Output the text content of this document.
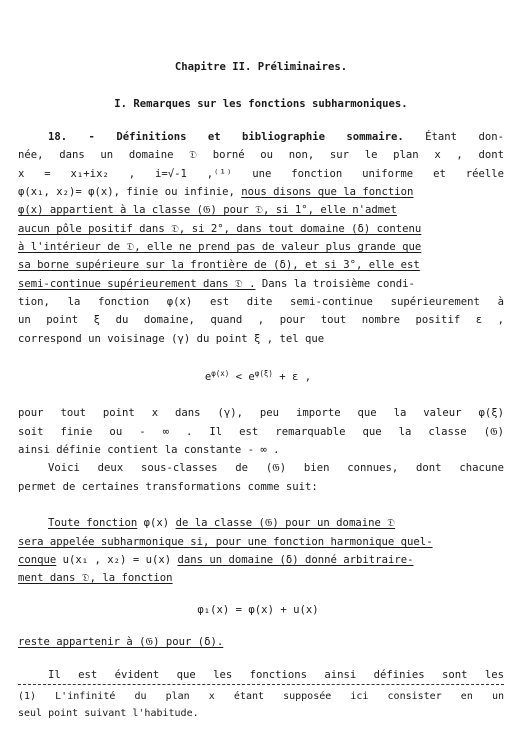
Chapitre II. Préliminaires.
I. Remarques sur les fonctions subharmoniques.
18. - Définitions et bibliographie sommaire. Étant don-
née, dans un domaine 𝔇 borné ou non, sur le plan x , dont
x = x₁+ix₂ , i=√-1 ,⁽¹⁾ une fonction uniforme et réelle
φ(x₁, x₂)= φ(x), finie ou infinie, nous disons que la fonction
φ(x) appartient à la classe (𝔊) pour 𝔇, si 1°, elle n'admet
aucun pôle positif dans 𝔇, si 2°, dans tout domaine (δ) contenu
à l'intérieur de 𝔇, elle ne prend pas de valeur plus grande que
sa borne supérieure sur la frontière de (δ), et si 3°, elle est
semi-continue supérieurement dans 𝔇 . Dans la troisième condi-
tion, la fonction φ(x) est dite semi-continue supérieurement à
un point ξ du domaine, quand , pour tout nombre positif ε ,
correspond un voisinage (γ) du point ξ , tel que
$e^{\varphi(x)} < e^{\varphi(\xi)} + \varepsilon$ ,
pour tout point x dans (γ), peu importe que la valeur φ(ξ)
soit finie ou - ∞ . Il est remarquable que la classe (𝔊)
ainsi définie contient la constante - ∞ .
Voici deux sous-classes de (𝔊) bien connues, dont chacune
permet de certaines transformations comme suit:
Toute fonction φ(x) de la classe (𝔊) pour un domaine 𝔇
sera appelée subharmonique si, pour une fonction harmonique quel-
conque u(x₁ , x₂) = u(x) dans un domaine (δ) donné arbitraire-
ment dans 𝔇, la fonction
φ₁(x) = φ(x) + u(x)
reste appartenir à (𝔊) pour (δ).
Il est évident que les fonctions ainsi définies sont les
(1) L'infinité du plan x étant supposée ici consister en un
seul point suivant l'habitude.
